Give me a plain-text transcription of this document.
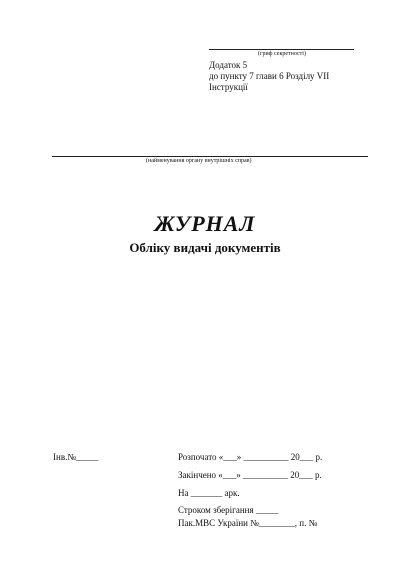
(гриф секретності)
Додаток 5
до пункту 7 глави 6 Розділу VII
Інструкції
(найменування органу внутрішніх справ)
ЖУРНАЛ
Обліку видачі документів
Інв.№_____	Розпочато «___» __________ 20___ р.
Закінчено «___» __________ 20___ р.
На _______ арк.
Строком зберігання _____
Пак.МВС України №________, п. №
